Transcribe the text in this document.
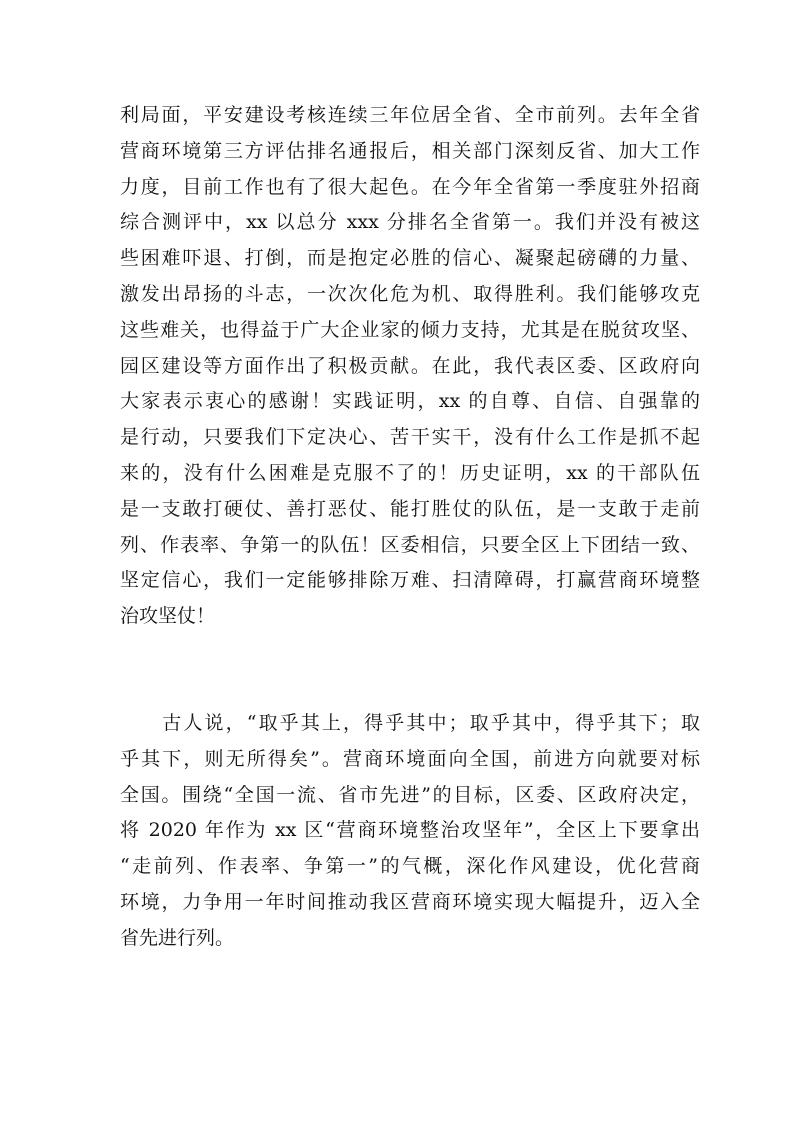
利局面，平安建设考核连续三年位居全省、全市前列。去年全省
营商环境第三方评估排名通报后，相关部门深刻反省、加大工作
力度，目前工作也有了很大起色。在今年全省第一季度驻外招商
综合测评中，xx 以总分 xxx 分排名全省第一。我们并没有被这
些困难吓退、打倒，而是抱定必胜的信心、凝聚起磅礴的力量、
激发出昂扬的斗志，一次次化危为机、取得胜利。我们能够攻克
这些难关，也得益于广大企业家的倾力支持，尤其是在脱贫攻坚、
园区建设等方面作出了积极贡献。在此，我代表区委、区政府向
大家表示衷心的感谢！实践证明，xx 的自尊、自信、自强靠的
是行动，只要我们下定决心、苦干实干，没有什么工作是抓不起
来的，没有什么困难是克服不了的！历史证明，xx 的干部队伍
是一支敢打硬仗、善打恶仗、能打胜仗的队伍，是一支敢于走前
列、作表率、争第一的队伍！区委相信，只要全区上下团结一致、
坚定信心，我们一定能够排除万难、扫清障碍，打赢营商环境整
治攻坚仗！
　　古人说，“取乎其上，得乎其中；取乎其中，得乎其下；取
乎其下，则无所得矣”。营商环境面向全国，前进方向就要对标
全国。围绕“全国一流、省市先进”的目标，区委、区政府决定，
将 2020 年作为 xx 区“营商环境整治攻坚年”，全区上下要拿出
“走前列、作表率、争第一”的气概，深化作风建设，优化营商
环境，力争用一年时间推动我区营商环境实现大幅提升，迈入全
省先进行列。
